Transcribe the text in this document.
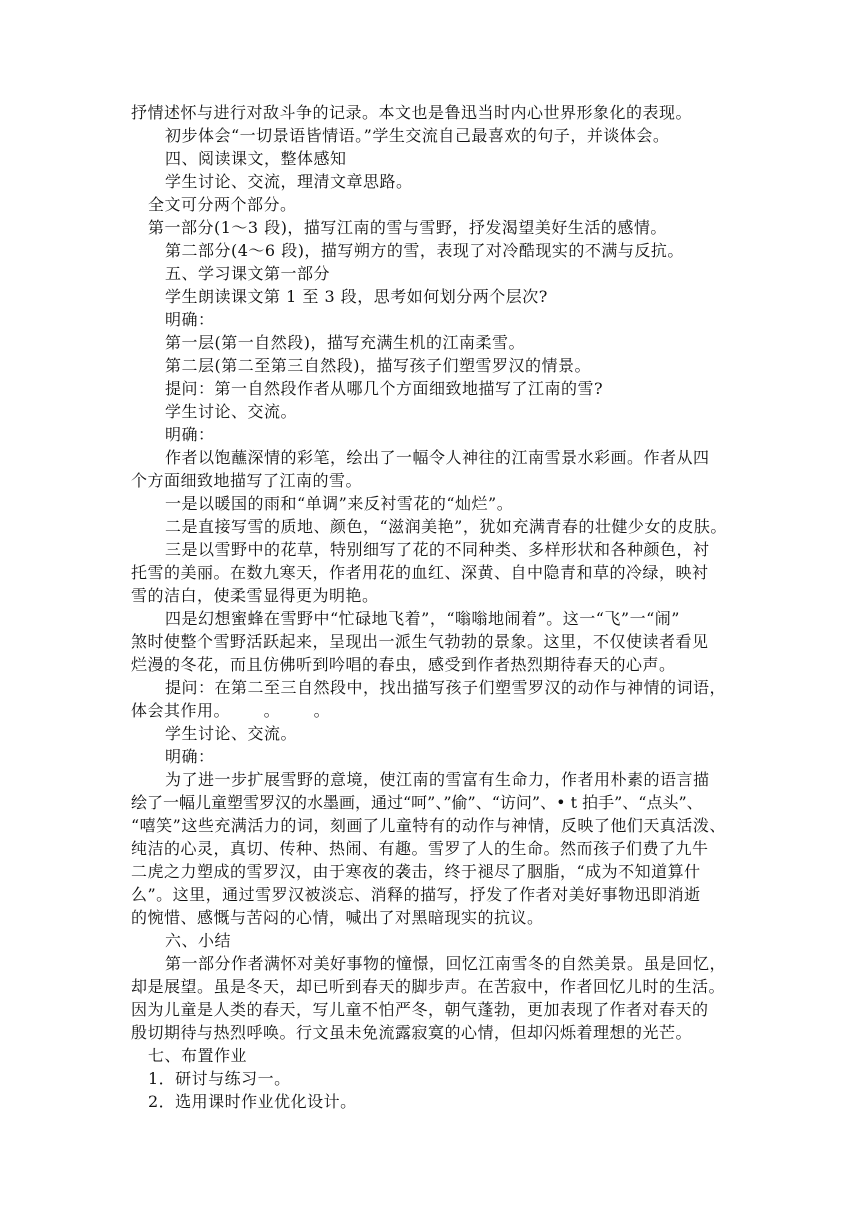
抒情述怀与进行对敌斗争的记录。本文也是鲁迅当时内心世界形象化的表现。
初步体会“一切景语皆情语。”学生交流自己最喜欢的句子，并谈体会。
四、阅读课文，整体感知
学生讨论、交流，理清文章思路。
全文可分两个部分。
第一部分(1～3 段)，描写江南的雪与雪野，抒发渴望美好生活的感情。
第二部分(4～6 段)，描写朔方的雪，表现了对冷酷现实的不满与反抗。
五、学习课文第一部分
学生朗读课文第 1 至 3 段，思考如何划分两个层次?
明确：
第一层(第一自然段)，描写充满生机的江南柔雪。
第二层(第二至第三自然段)，描写孩子们塑雪罗汉的情景。
提问：第一自然段作者从哪几个方面细致地描写了江南的雪?
学生讨论、交流。
明确：
作者以饱蘸深情的彩笔，绘出了一幅令人神往的江南雪景水彩画。作者从四
个方面细致地描写了江南的雪。
一是以暖国的雨和“单调”来反衬雪花的“灿烂”。
二是直接写雪的质地、颜色，“滋润美艳”，犹如充满青春的壮健少女的皮肤。
三是以雪野中的花草，特别细写了花的不同种类、多样形状和各种颜色，衬
托雪的美丽。在数九寒天，作者用花的血红、深黄、自中隐青和草的冷绿，映衬
雪的洁白，使柔雪显得更为明艳。
四是幻想蜜蜂在雪野中“忙碌地飞着”，“嗡嗡地闹着”。这一“飞”一“闹”
煞时使整个雪野活跃起来，呈现出一派生气勃勃的景象。这里，不仅使读者看见
烂漫的冬花，而且仿佛听到吟唱的春虫，感受到作者热烈期待春天的心声。
提问：在第二至三自然段中，找出描写孩子们塑雪罗汉的动作与神情的词语，
体会其作用。 。 。
学生讨论、交流。
明确：
为了进一步扩展雪野的意境，使江南的雪富有生命力，作者用朴素的语言描
绘了一幅儿童塑雪罗汉的水墨画，通过“呵”、”偷”、“访问”、• t 拍手”、“点头”、
“嘻笑”这些充满活力的词，刻画了儿童特有的动作与神情，反映了他们天真活泼、
纯洁的心灵，真切、传种、热闹、有趣。雪罗了人的生命。然而孩子们费了九牛
二虎之力塑成的雪罗汉，由于寒夜的袭击，终于褪尽了胭脂，“成为不知道算什
么”。这里，通过雪罗汉被淡忘、消释的描写，抒发了作者对美好事物迅即消逝
的惋惜、感慨与苦闷的心情，喊出了对黑暗现实的抗议。
六、小结
第一部分作者满怀对美好事物的憧憬，回忆江南雪冬的自然美景。虽是回忆，
却是展望。虽是冬天，却已听到春天的脚步声。在苦寂中，作者回忆儿时的生活。
因为儿童是人类的春天，写儿童不怕严冬，朝气蓬勃，更加表现了作者对春天的
殷切期待与热烈呼唤。行文虽未免流露寂寞的心情，但却闪烁着理想的光芒。
七、布置作业
1．研讨与练习一。
2．选用课时作业优化设计。
